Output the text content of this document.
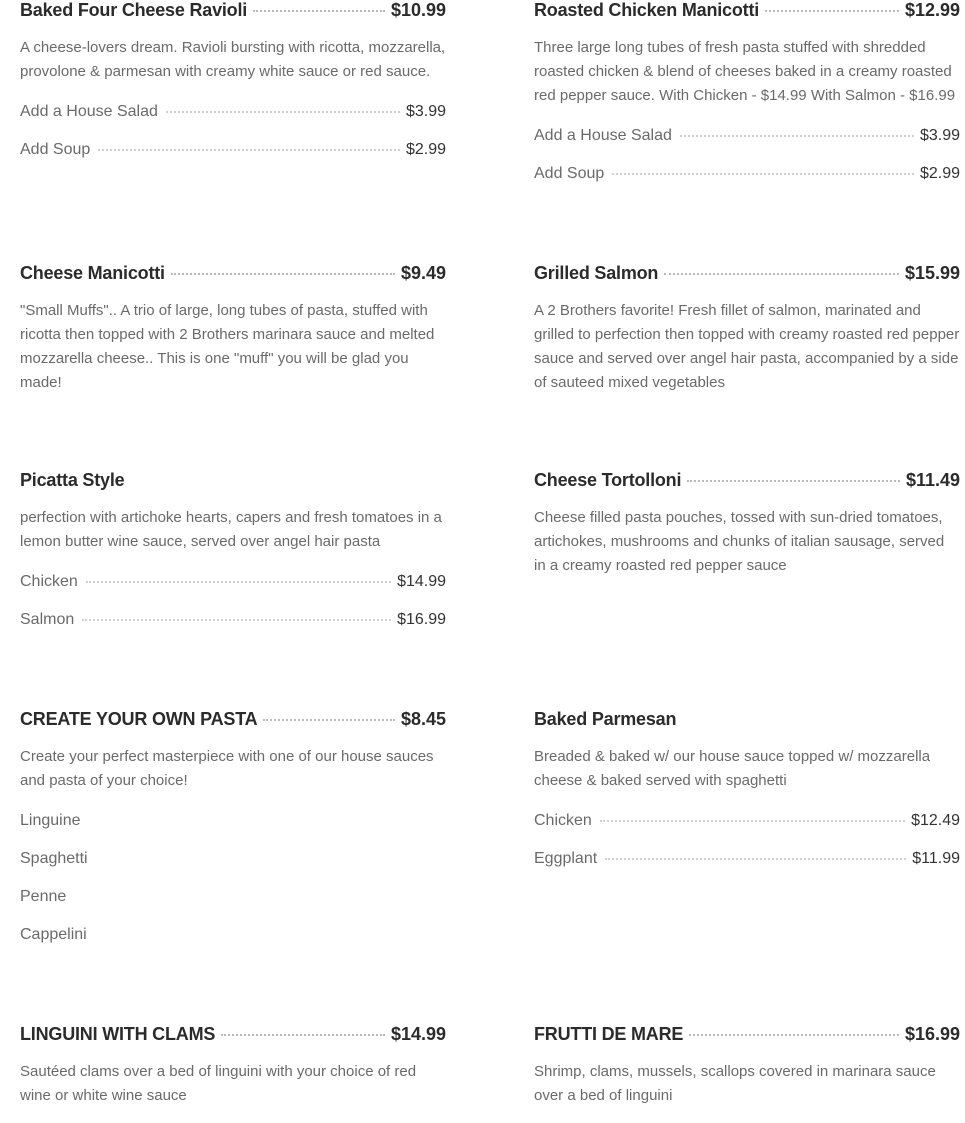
Baked Four Cheese Ravioli	$10.99
A cheese-lovers dream. Ravioli bursting with ricotta, mozzarella, provolone & parmesan with creamy white sauce or red sauce.
Add a House Salad	$3.99
Add Soup	$2.99
Cheese Manicotti	$9.49
"Small Muffs".. A trio of large, long tubes of pasta, stuffed with ricotta then topped with 2 Brothers marinara sauce and melted mozzarella cheese.. This is one "muff" you will be glad you made!
Picatta Style
perfection with artichoke hearts, capers and fresh tomatoes in a lemon butter wine sauce, served over angel hair pasta
Chicken	$14.99
Salmon	$16.99
CREATE YOUR OWN PASTA	$8.45
Create your perfect masterpiece with one of our house sauces and pasta of your choice!
Linguine
Spaghetti
Penne
Cappelini
LINGUINI WITH CLAMS	$14.99
Sautéed clams over a bed of linguini with your choice of red wine or white wine sauce
Roasted Chicken Manicotti	$12.99
Three large long tubes of fresh pasta stuffed with shredded roasted chicken & blend of cheeses baked in a creamy roasted red pepper sauce. With Chicken - $14.99 With Salmon - $16.99
Add a House Salad	$3.99
Add Soup	$2.99
Grilled Salmon	$15.99
A 2 Brothers favorite! Fresh fillet of salmon, marinated and grilled to perfection then topped with creamy roasted red pepper sauce and served over angel hair pasta, accompanied by a side of sauteed mixed vegetables
Cheese Tortolloni	$11.49
Cheese filled pasta pouches, tossed with sun-dried tomatoes, artichokes, mushrooms and chunks of italian sausage, served in a creamy roasted red pepper sauce
Baked Parmesan
Breaded & baked w/ our house sauce topped w/ mozzarella cheese & baked served with spaghetti
Chicken	$12.49
Eggplant	$11.99
FRUTTI DE MARE	$16.99
Shrimp, clams, mussels, scallops covered in marinara sauce over a bed of linguini
